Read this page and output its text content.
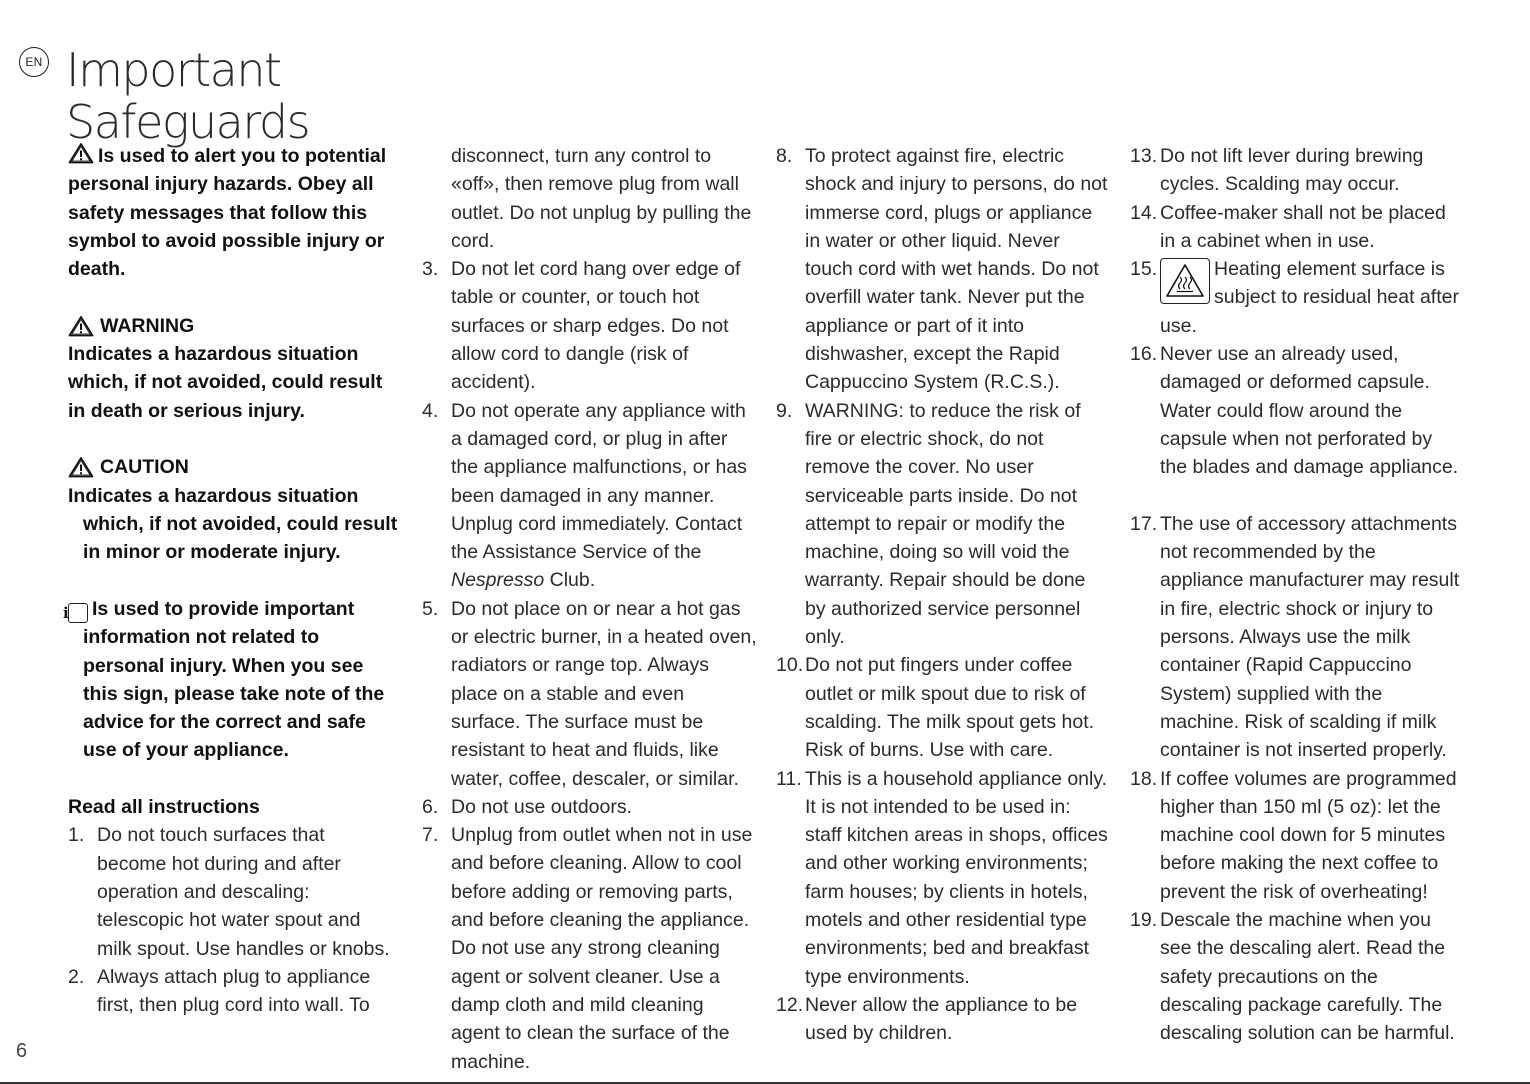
EN Important
Safeguards
Is used to alert you to potential personal injury hazards. Obey all safety messages that follow this symbol to avoid possible injury or death.
WARNING
Indicates a hazardous situation which, if not avoided, could result in death or serious injury.
CAUTION
Indicates a hazardous situation which, if not avoided, could result in minor or moderate injury.
i Is used to provide important information not related to personal injury. When you see this sign, please take note of the advice for the correct and safe use of your appliance.
Read all instructions
1. Do not touch surfaces that become hot during and after operation and descaling: telescopic hot water spout and milk spout. Use handles or knobs.
2. Always attach plug to appliance first, then plug cord into wall. To
disconnect, turn any control to «off», then remove plug from wall outlet. Do not unplug by pulling the cord.
3. Do not let cord hang over edge of table or counter, or touch hot surfaces or sharp edges. Do not allow cord to dangle (risk of accident).
4. Do not operate any appliance with a damaged cord, or plug in after the appliance malfunctions, or has been damaged in any manner. Unplug cord immediately. Contact the Assistance Service of the Nespresso Club.
5. Do not place on or near a hot gas or electric burner, in a heated oven, radiators or range top. Always place on a stable and even surface. The surface must be resistant to heat and fluids, like water, coffee, descaler, or similar.
6. Do not use outdoors.
7. Unplug from outlet when not in use and before cleaning. Allow to cool before adding or removing parts, and before cleaning the appliance. Do not use any strong cleaning agent or solvent cleaner. Use a damp cloth and mild cleaning agent to clean the surface of the machine.
8. To protect against fire, electric shock and injury to persons, do not immerse cord, plugs or appliance in water or other liquid. Never touch cord with wet hands. Do not overfill water tank. Never put the appliance or part of it into dishwasher, except the Rapid Cappuccino System (R.C.S.).
9. WARNING: to reduce the risk of fire or electric shock, do not remove the cover. No user serviceable parts inside. Do not attempt to repair or modify the machine, doing so will void the warranty. Repair should be done by authorized service personnel only.
10. Do not put fingers under coffee outlet or milk spout due to risk of scalding. The milk spout gets hot. Risk of burns. Use with care.
11. This is a household appliance only. It is not intended to be used in: staff kitchen areas in shops, offices and other working environments; farm houses; by clients in hotels, motels and other residential type environments; bed and breakfast type environments.
12. Never allow the appliance to be used by children.
13. Do not lift lever during brewing cycles. Scalding may occur.
14. Coffee-maker shall not be placed in a cabinet when in use.
15.	Heating element surface is subject to residual heat after
use.
16. Never use an already used, damaged or deformed capsule. Water could flow around the capsule when not perforated by the blades and damage appliance.
17. The use of accessory attachments not recommended by the appliance manufacturer may result in fire, electric shock or injury to persons. Always use the milk container (Rapid Cappuccino System) supplied with the machine. Risk of scalding if milk container is not inserted properly.
18. If coffee volumes are programmed higher than 150 ml (5 oz): let the machine cool down for 5 minutes before making the next coffee to prevent the risk of overheating!
19. Descale the machine when you see the descaling alert. Read the safety precautions on the descaling package carefully. The descaling solution can be harmful.
6
